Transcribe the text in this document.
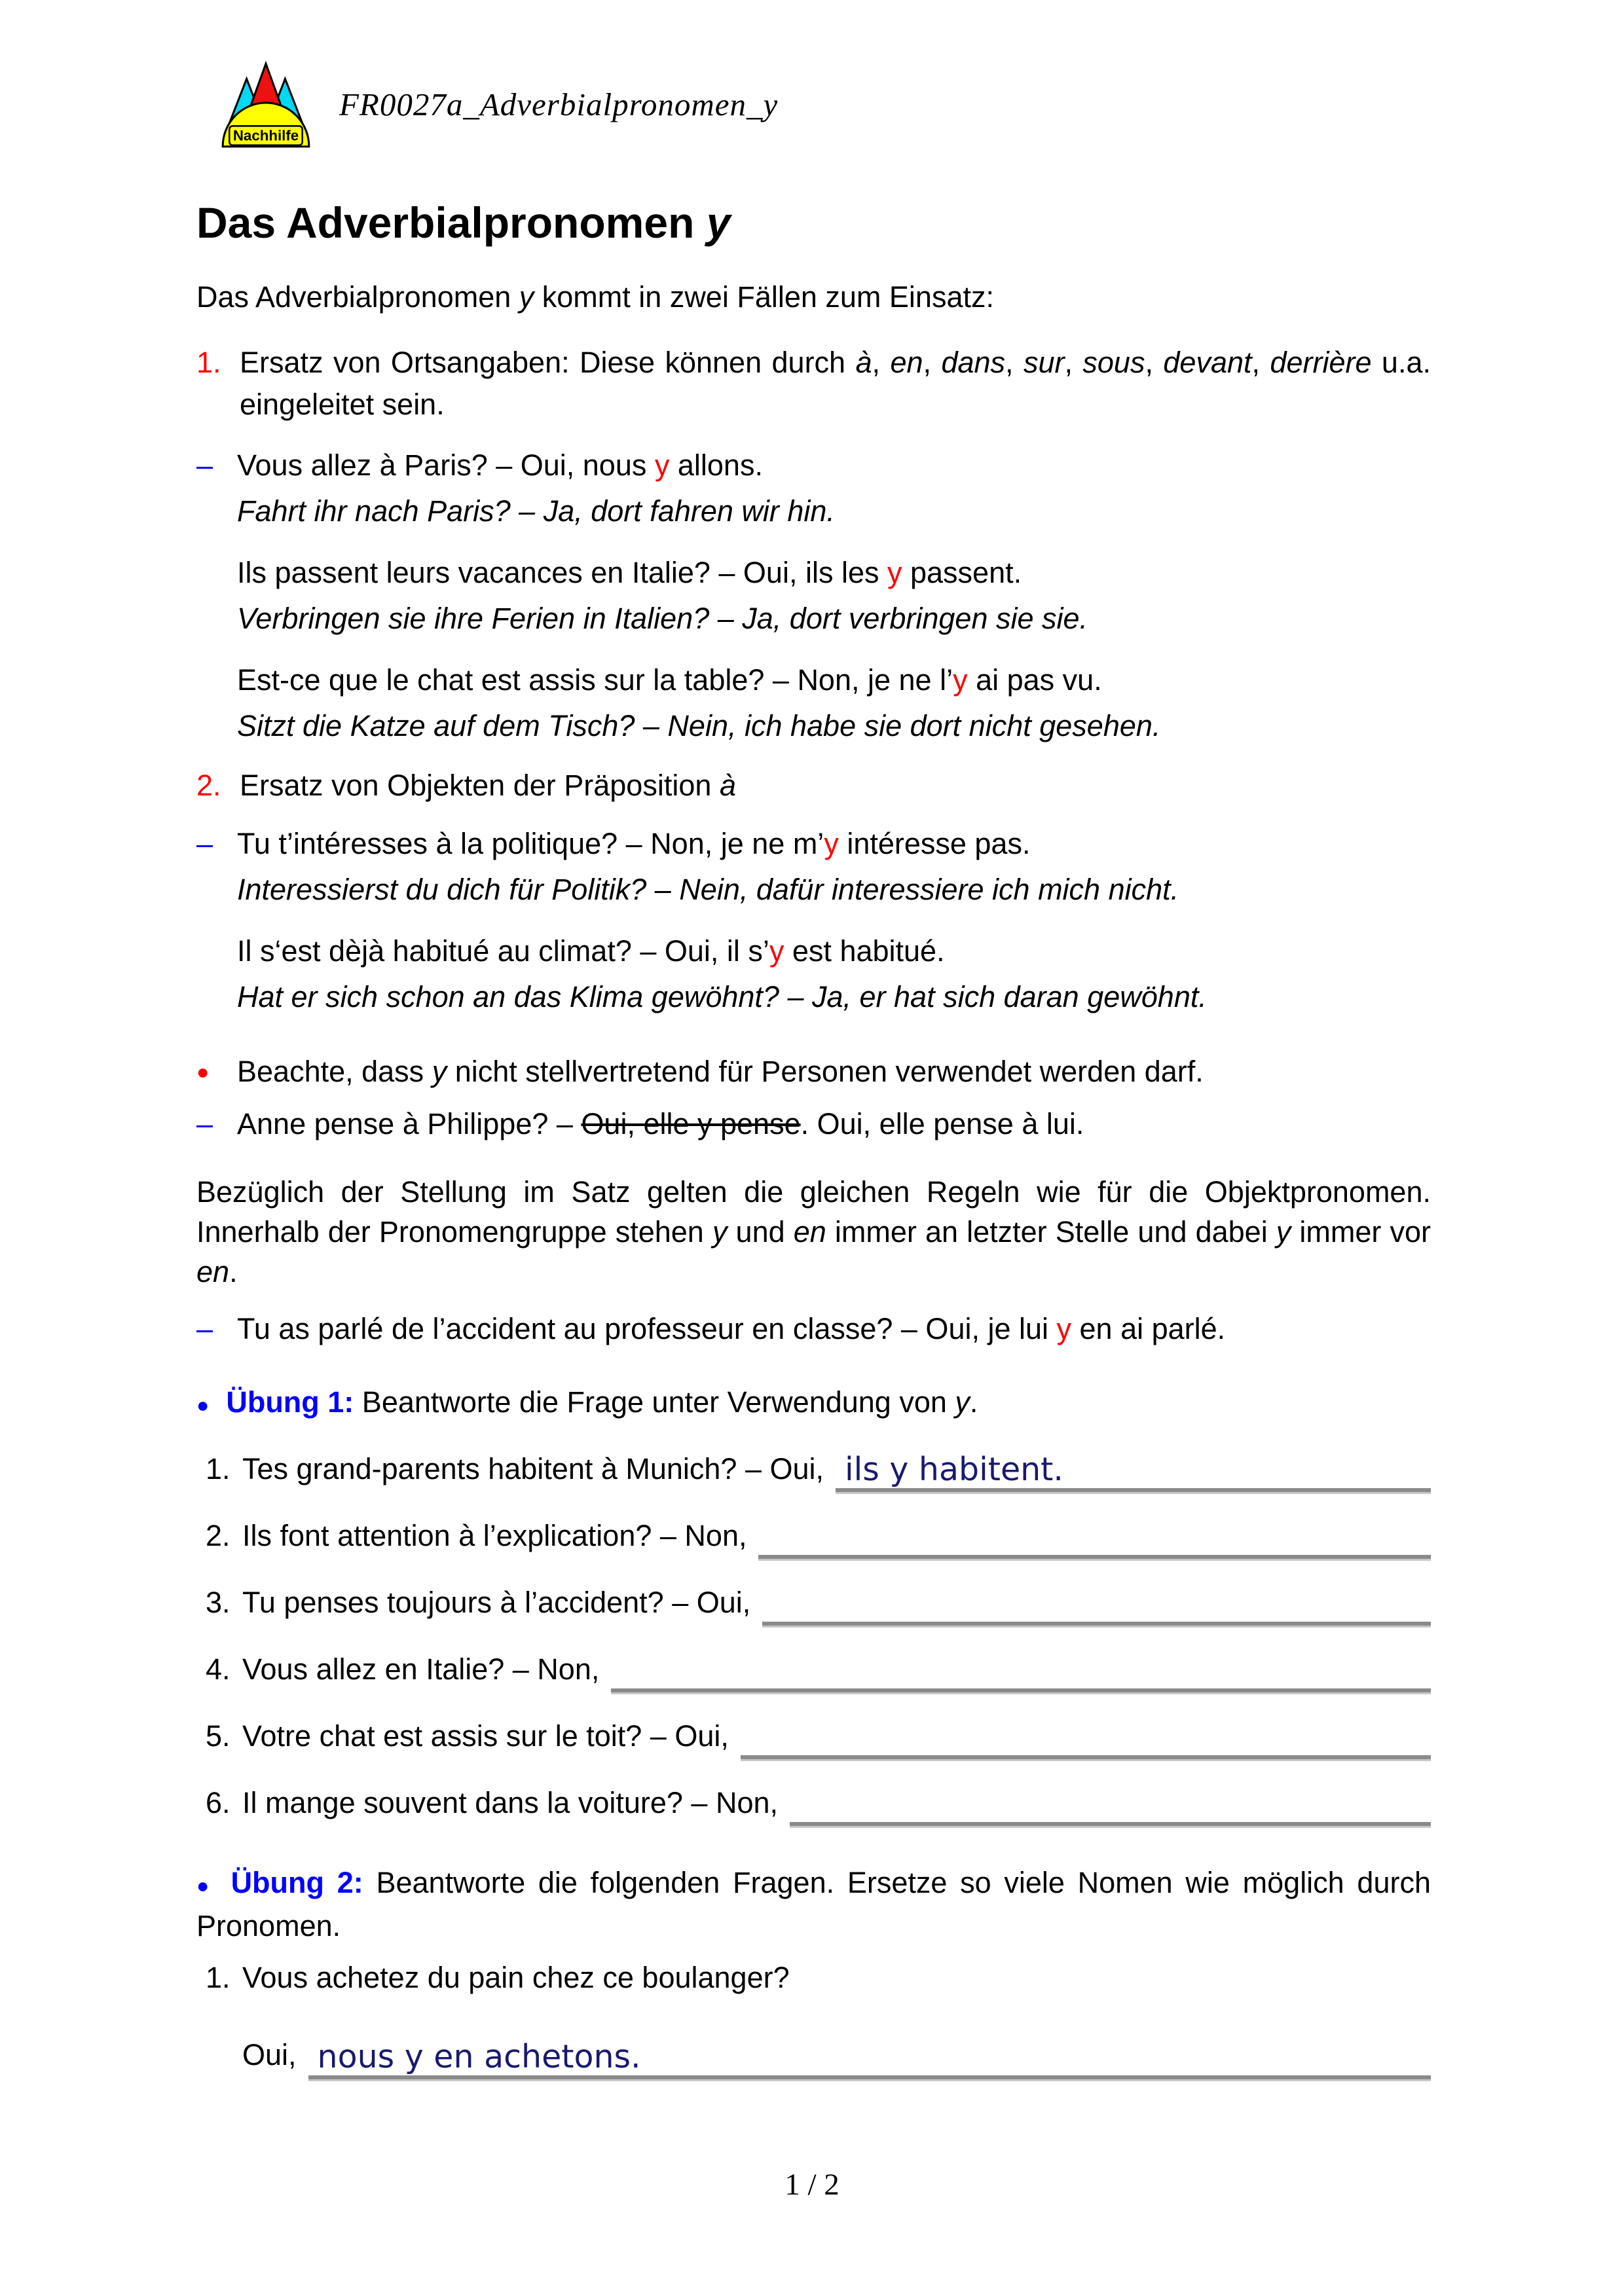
Nachhilfe
FR0027a_Adverbialpronomen_y
Das Adverbialpronomen y
Das Adverbialpronomen y kommt in zwei Fällen zum Einsatz:
1. Ersatz von Ortsangaben: Diese können durch à, en, dans, sur, sous, devant, derrière u.a. eingeleitet sein.
– Vous allez à Paris? – Oui, nous y allons.
Fahrt ihr nach Paris? – Ja, dort fahren wir hin.
Ils passent leurs vacances en Italie? – Oui, ils les y passent.
Verbringen sie ihre Ferien in Italien? – Ja, dort verbringen sie sie.
Est-ce que le chat est assis sur la table? – Non, je ne l’y ai pas vu.
Sitzt die Katze auf dem Tisch? – Nein, ich habe sie dort nicht gesehen.
2. Ersatz von Objekten der Präposition à
– Tu t’intéresses à la politique? – Non, je ne m’y intéresse pas.
Interessierst du dich für Politik? – Nein, dafür interessiere ich mich nicht.
Il s‘est dèjà habitué au climat? – Oui, il s’y est habitué.
Hat er sich schon an das Klima gewöhnt? – Ja, er hat sich daran gewöhnt.
● Beachte, dass y nicht stellvertretend für Personen verwendet werden darf.
– Anne pense à Philippe? – Oui, elle y pense. Oui, elle pense à lui.
Bezüglich der Stellung im Satz gelten die gleichen Regeln wie für die Objektpronomen. Innerhalb der Pronomengruppe stehen y und en immer an letzter Stelle und dabei y immer vor en.
– Tu as parlé de l’accident au professeur en classe? – Oui, je lui y en ai parlé.
● Übung 1: Beantworte die Frage unter Verwendung von y.
1. Tes grand-parents habitent à Munich? – Oui, ils y habitent.
2. Ils font attention à l’explication? – Non,
3. Tu penses toujours à l’accident? – Oui,
4. Vous allez en Italie? – Non,
5. Votre chat est assis sur le toit? – Oui,
6. Il mange souvent dans la voiture? – Non,
● Übung 2: Beantworte die folgenden Fragen. Ersetze so viele Nomen wie möglich durch Pronomen.
1. Vous achetez du pain chez ce boulanger?
Oui, nous y en achetons.
1 / 2
